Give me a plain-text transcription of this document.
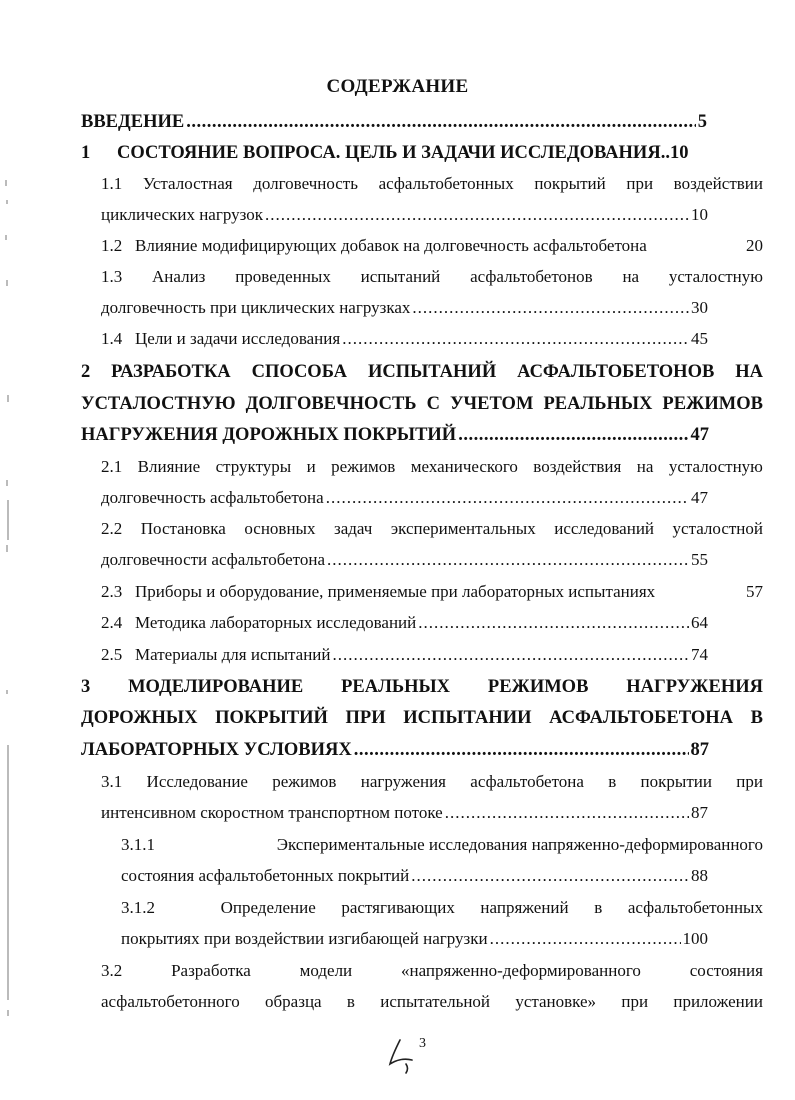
СОДЕРЖАНИЕ
ВВЕДЕНИЕ .....	5
1	СОСТОЯНИЕ ВОПРОСА. ЦЕЛЬ И ЗАДАЧИ ИССЛЕДОВАНИЯ ..10
1.1 Усталостная долговечность асфальтобетонных покрытий при воздействии
циклических нагрузок .....	10
1.2   Влияние модифицирующих добавок на долговечность асфальтобетона	20
1.3 Анализ проведенных испытаний асфальтобетонов на усталостную
долговечность при циклических нагрузках .....	30
1.4   Цели и задачи исследования .....	45
2 РАЗРАБОТКА СПОСОБА ИСПЫТАНИЙ АСФАЛЬТОБЕТОНОВ НА
УСТАЛОСТНУЮ ДОЛГОВЕЧНОСТЬ С УЧЕТОМ РЕАЛЬНЫХ РЕЖИМОВ
НАГРУЖЕНИЯ ДОРОЖНЫХ ПОКРЫТИЙ .....	47
2.1 Влияние структуры и режимов механического воздействия на усталостную
долговечность асфальтобетона .....	47
2.2 Постановка основных задач экспериментальных исследований усталостной
долговечности асфальтобетона .....	55
2.3   Приборы и оборудование, применяемые при лабораторных испытаниях	57
2.4   Методика лабораторных исследований .....	64
2.5   Материалы для испытаний .....	74
3 МОДЕЛИРОВАНИЕ РЕАЛЬНЫХ РЕЖИМОВ НАГРУЖЕНИЯ
ДОРОЖНЫХ ПОКРЫТИЙ ПРИ ИСПЫТАНИИ АСФАЛЬТОБЕТОНА В
ЛАБОРАТОРНЫХ УСЛОВИЯХ .....	87
3.1 Исследование режимов нагружения асфальтобетона в покрытии при
интенсивном скоростном транспортном потоке .....	87
3.1.1	Экспериментальные исследования напряженно-деформированного
состояния асфальтобетонных покрытий .....	88
3.1.2	Определение растягивающих напряжений в асфальтобетонных
покрытиях при воздействии изгибающей нагрузки .....	100
3.2	Разработка	модели	«напряженно-деформированного	состояния
асфальтобетонного образца в испытательной установке» при приложении
3
